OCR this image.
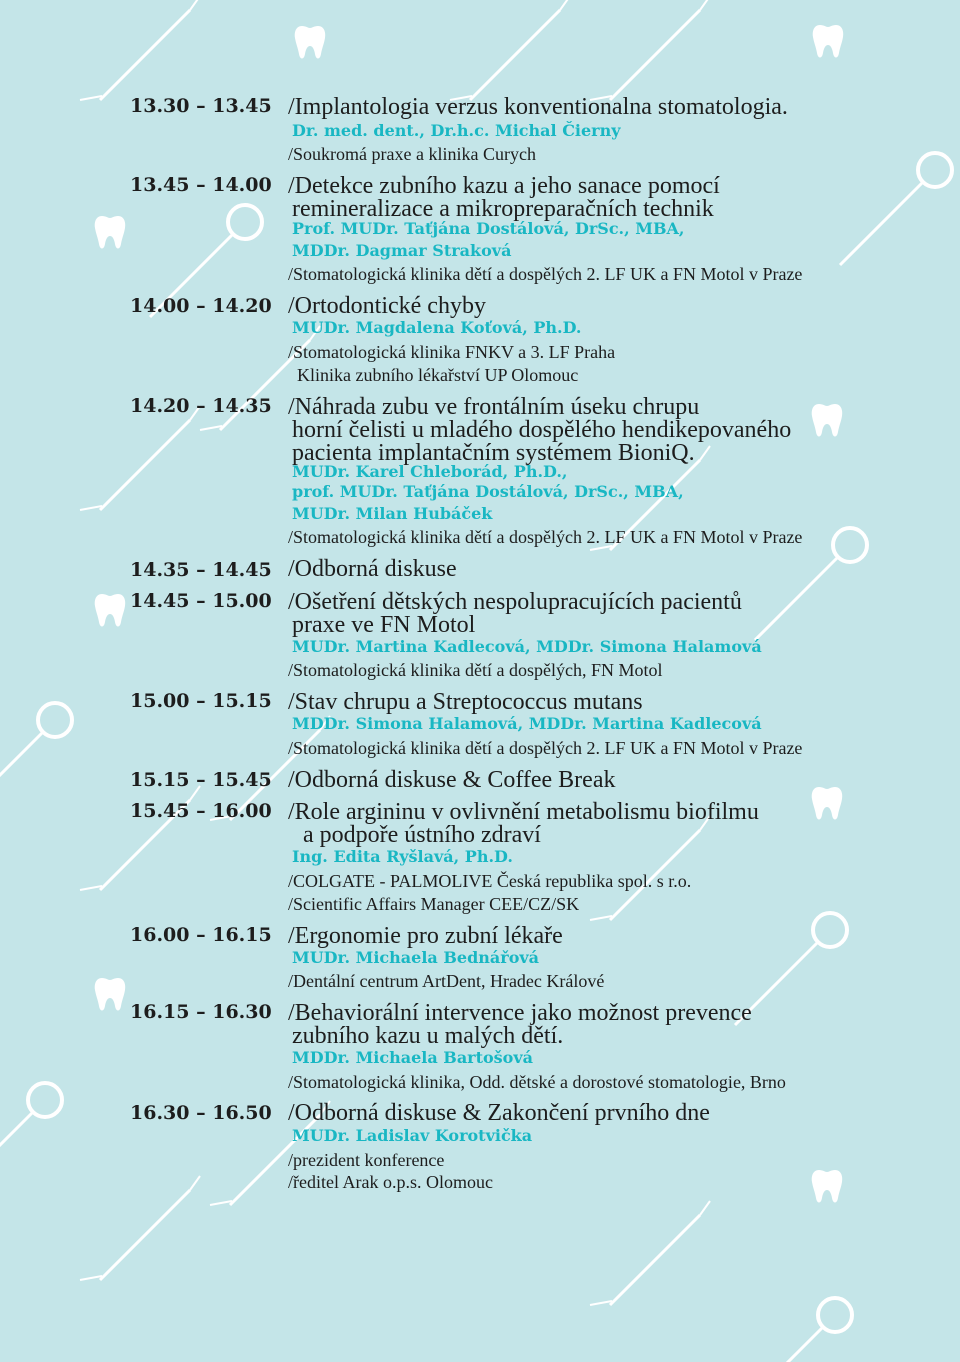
13.30 – 13.45 /Implantologia verzus konventionalna stomatologia.
Dr. med. dent., Dr.h.c. Michal Čierny
/Soukromá praxe a klinika Curych
13.45 – 14.00 /Detekce zubního kazu a jeho sanace pomocí
remineralizace a mikropreparačních technik
Prof. MUDr. Taťjána Dostálová, DrSc., MBA,
MDDr. Dagmar Straková
/Stomatologická klinika dětí a dospělých 2. LF UK a FN Motol v Praze
14.00 – 14.20 /Ortodontické chyby
MUDr. Magdalena Koťová, Ph.D.
/Stomatologická klinika FNKV a 3. LF Praha
Klinika zubního lékařství UP Olomouc
14.20 – 14.35 /Náhrada zubu ve frontálním úseku chrupu
horní čelisti u mladého dospělého hendikepovaného
pacienta implantačním systémem BioniQ.
MUDr. Karel Chleborád, Ph.D.,
prof. MUDr. Taťjána Dostálová, DrSc., MBA,
MUDr. Milan Hubáček
/Stomatologická klinika dětí a dospělých 2. LF UK a FN Motol v Praze
14.35 – 14.45 /Odborná diskuse
14.45 – 15.00 /Ošetření dětských nespolupracujících pacientů
praxe ve FN Motol
MUDr. Martina Kadlecová, MDDr. Simona Halamová
/Stomatologická klinika dětí a dospělých, FN Motol
15.00 – 15.15 /Stav chrupu a Streptococcus mutans
MDDr. Simona Halamová, MDDr. Martina Kadlecová
/Stomatologická klinika dětí a dospělých 2. LF UK a FN Motol v Praze
15.15 – 15.45 /Odborná diskuse & Coffee Break
15.45 – 16.00 /Role argininu v ovlivnění metabolismu biofilmu
a podpoře ústního zdraví
Ing. Edita Ryšlavá, Ph.D.
/COLGATE - PALMOLIVE Česká republika spol. s r.o.
/Scientific Affairs Manager CEE/CZ/SK
16.00 – 16.15 /Ergonomie pro zubní lékaře
MUDr. Michaela Bednářová
/Dentální centrum ArtDent, Hradec Králové
16.15 – 16.30 /Behaviorální intervence jako možnost prevence
zubního kazu u malých dětí.
MDDr. Michaela Bartošová
/Stomatologická klinika, Odd. dětské a dorostové stomatologie, Brno
16.30 – 16.50 /Odborná diskuse & Zakončení prvního dne
MUDr. Ladislav Korotvička
/prezident konference
/ředitel Arak o.p.s. Olomouc
